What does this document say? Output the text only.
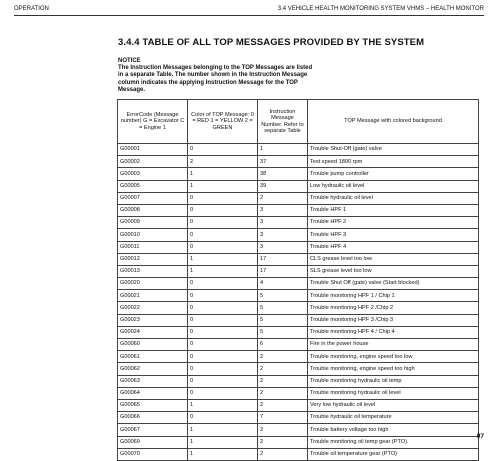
OPERATION	3.4 VEHICLE HEALTH MONITORING SYSTEM VHMS – HEALTH MONITOR
3.4.4 TABLE OF ALL TOP MESSAGES PROVIDED BY THE SYSTEM
NOTICE
The Instruction Messages belonging to the TOP Messages are listed in a separate Table. The number shown in the Instruction Message column indicates the applying Instruction Message for the TOP Message.
ErrorCode (Message number) G = Excavator C = Engine 1	Color of TOP Message: 0 = RED 1 = YELLOW 2 = GREEN	Instruction Message Number. Refer to separate Table	TOP Message with colored background
G00001	0	1	Trouble Shut-Off (gate) valve
G00002	2	37	Test speed 1800 rpm
G00003	1	38	Trouble pump controller
G00005	1	39	Low hydraulic oil level
G00007	0	2	Trouble hydraulic oil level
G00008	0	3	Trouble HPF 1
G00009	0	3	Trouble HPF 2
G00010	0	3	Trouble HPF 3
G00011	0	3	Trouble HPF 4
G00012	1	17	CLS grease level too low
G00013	1	17	SLS grease level too low
G00020	0	4	Trouble Shut Off (gate) valve (Start blocked)
G00021	0	5	Trouble monitoring HPF 1 / Chip 1
G00022	0	5	Trouble monitoring HPF 2 /Chip 2
G00023	0	5	Trouble monitoring HPF 3 /Chip 3
G00024	0	5	Trouble monitoring HPF 4 / Chip 4
G00060	0	6	Fire in the power house
G00061	0	2	Trouble monitoring, engine speed too low
G00062	0	2	Trouble monitoring, engine speed too high
G00063	0	2	Trouble monitoring hydraulic oil temp
G00064	0	2	Trouble monitoring hydraulic oil level
G00065	1	2	Very low hydraulic oil level
G00066	0	7	Trouble hydraulic oil temperature
G00067	1	2	Trouble battery voltage too high
G00069	1	2	Trouble monitoring oil temp gear (PTO)
G00070	1	2	Trouble oil temperature gear (PTO)
97
